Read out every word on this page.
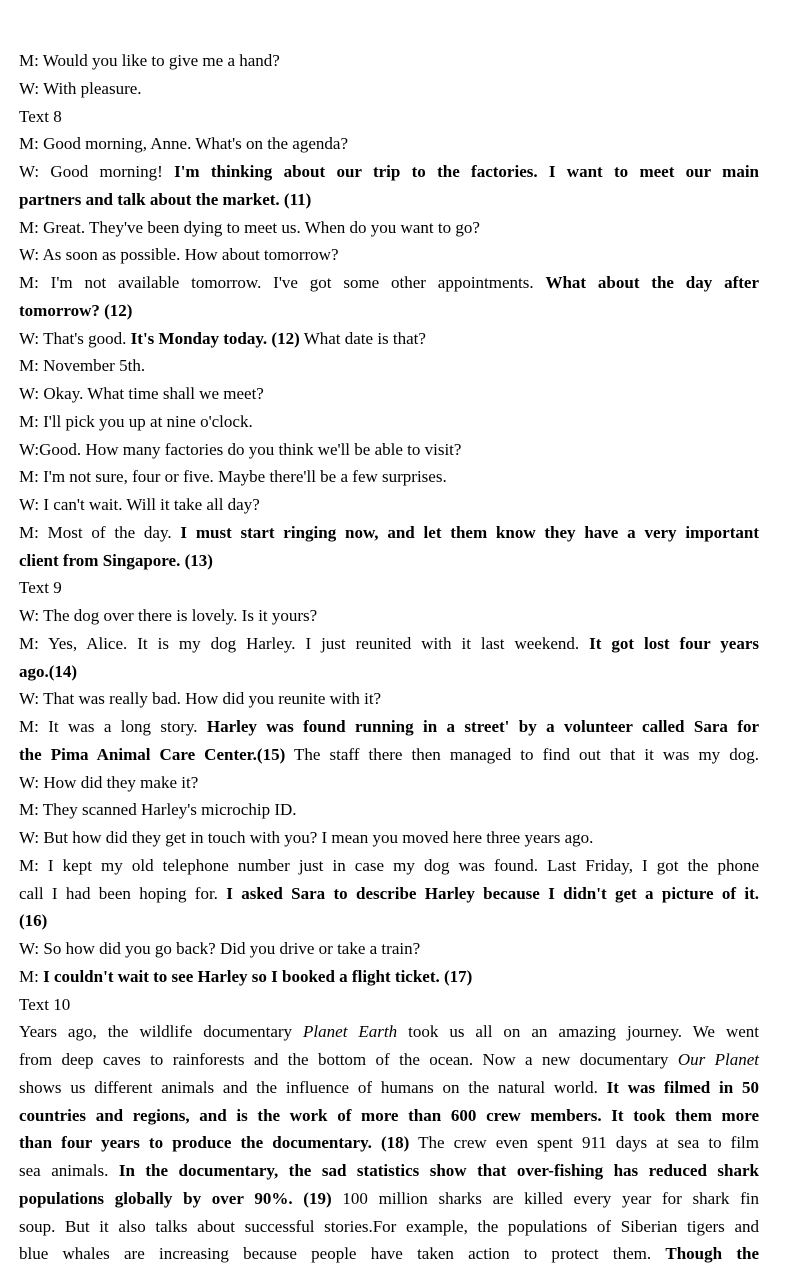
M: Would you like to give me a hand?
W: With pleasure.
Text 8
M: Good morning, Anne. What's on the agenda?
W: Good morning! I'm thinking about our trip to the factories. I want to meet our main
partners and talk about the market. (11)
M: Great. They've been dying to meet us. When do you want to go?
W: As soon as possible. How about tomorrow?
M: I'm not available tomorrow. I've got some other appointments. What about the day after
tomorrow? (12)
W: That's good. It's Monday today. (12) What date is that?
M: November 5th.
W: Okay. What time shall we meet?
M: I'll pick you up at nine o'clock.
W:Good. How many factories do you think we'll be able to visit?
M: I'm not sure, four or five. Maybe there'll be a few surprises.
W: I can't wait. Will it take all day?
M: Most of the day. I must start ringing now, and let them know they have a very important
client from Singapore. (13)
Text 9
W: The dog over there is lovely. Is it yours?
M: Yes, Alice. It is my dog Harley. I just reunited with it last weekend. It got lost four years
ago.(14)
W: That was really bad. How did you reunite with it?
M: It was a long story. Harley was found running in a street' by a volunteer called Sara for
the Pima Animal Care Center.(15) The staff there then managed to find out that it was my dog.
W: How did they make it?
M: They scanned Harley's microchip ID.
W: But how did they get in touch with you? I mean you moved here three years ago.
M: I kept my old telephone number just in case my dog was found. Last Friday, I got the phone
call I had been hoping for. I asked Sara to describe Harley because I didn't get a picture of it.
(16)
W: So how did you go back? Did you drive or take a train?
M: I couldn't wait to see Harley so I booked a flight ticket. (17)
Text 10
Years ago, the wildlife documentary Planet Earth took us all on an amazing journey. We went
from deep caves to rainforests and the bottom of the ocean. Now a new documentary Our Planet
shows us different animals and the influence of humans on the natural world. It was filmed in 50
countries and regions, and is the work of more than 600 crew members. It took them more
than four years to produce the documentary. (18) The crew even spent 911 days at sea to film
sea animals. In the documentary, the sad statistics show that over-fishing has reduced shark
populations globally by over 90%. (19) 100 million sharks are killed every year for shark fin
soup. But it also talks about successful stories.For example, the populations of Siberian tigers and
blue whales are increasing because people have taken action to protect them. Though the
